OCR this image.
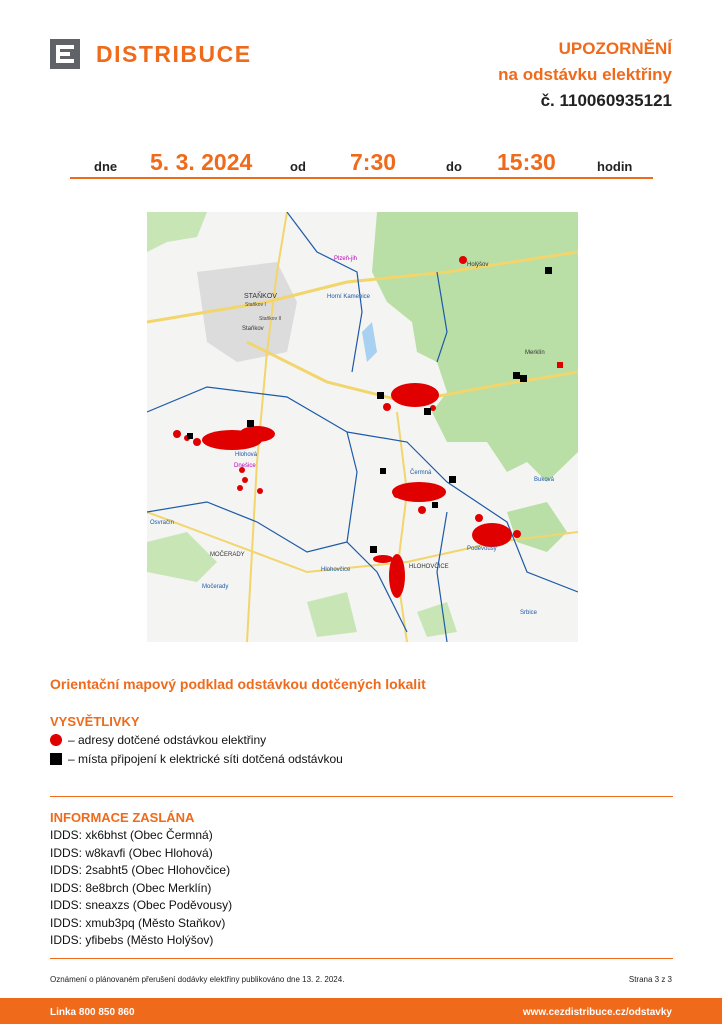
DISTRIBUCE	UPOZORNĚNÍ
na odstávku elektřiny
č. 110060935121
dne 5. 3. 2024	od 7:30	do 15:30	hodin
STAŇKOV
Staňkov I
Staňkov II
Staňkov
Plzeň-jih
Holýšov
Horní Kamenice
Merklín
Hlohová
Dnešice
Čermná
Buková
Osvračín
MOČERADY
Močerady
Poděvousy
HLOHOVČICE
Hlohovčice
Srbice
Orientační mapový podklad odstávkou dotčených lokalit
VYSVĚTLIVKY
– adresy dotčené odstávkou elektřiny
– místa připojení k elektrické síti dotčená odstávkou
INFORMACE ZASLÁNA
IDDS: xk6bhst (Obec Čermná)
IDDS: w8kavfi (Obec Hlohová)
IDDS: 2sabht5 (Obec Hlohovčice)
IDDS: 8e8brch (Obec Merklín)
IDDS: sneaxzs (Obec Poděvousy)
IDDS: xmub3pq (Město Staňkov)
IDDS: yfibebs (Město Holýšov)
Oznámení o plánovaném přerušení dodávky elektřiny publikováno dne 13. 2. 2024.	Strana 3 z 3
Linka 800 850 860	www.cezdistribuce.cz/odstavky
